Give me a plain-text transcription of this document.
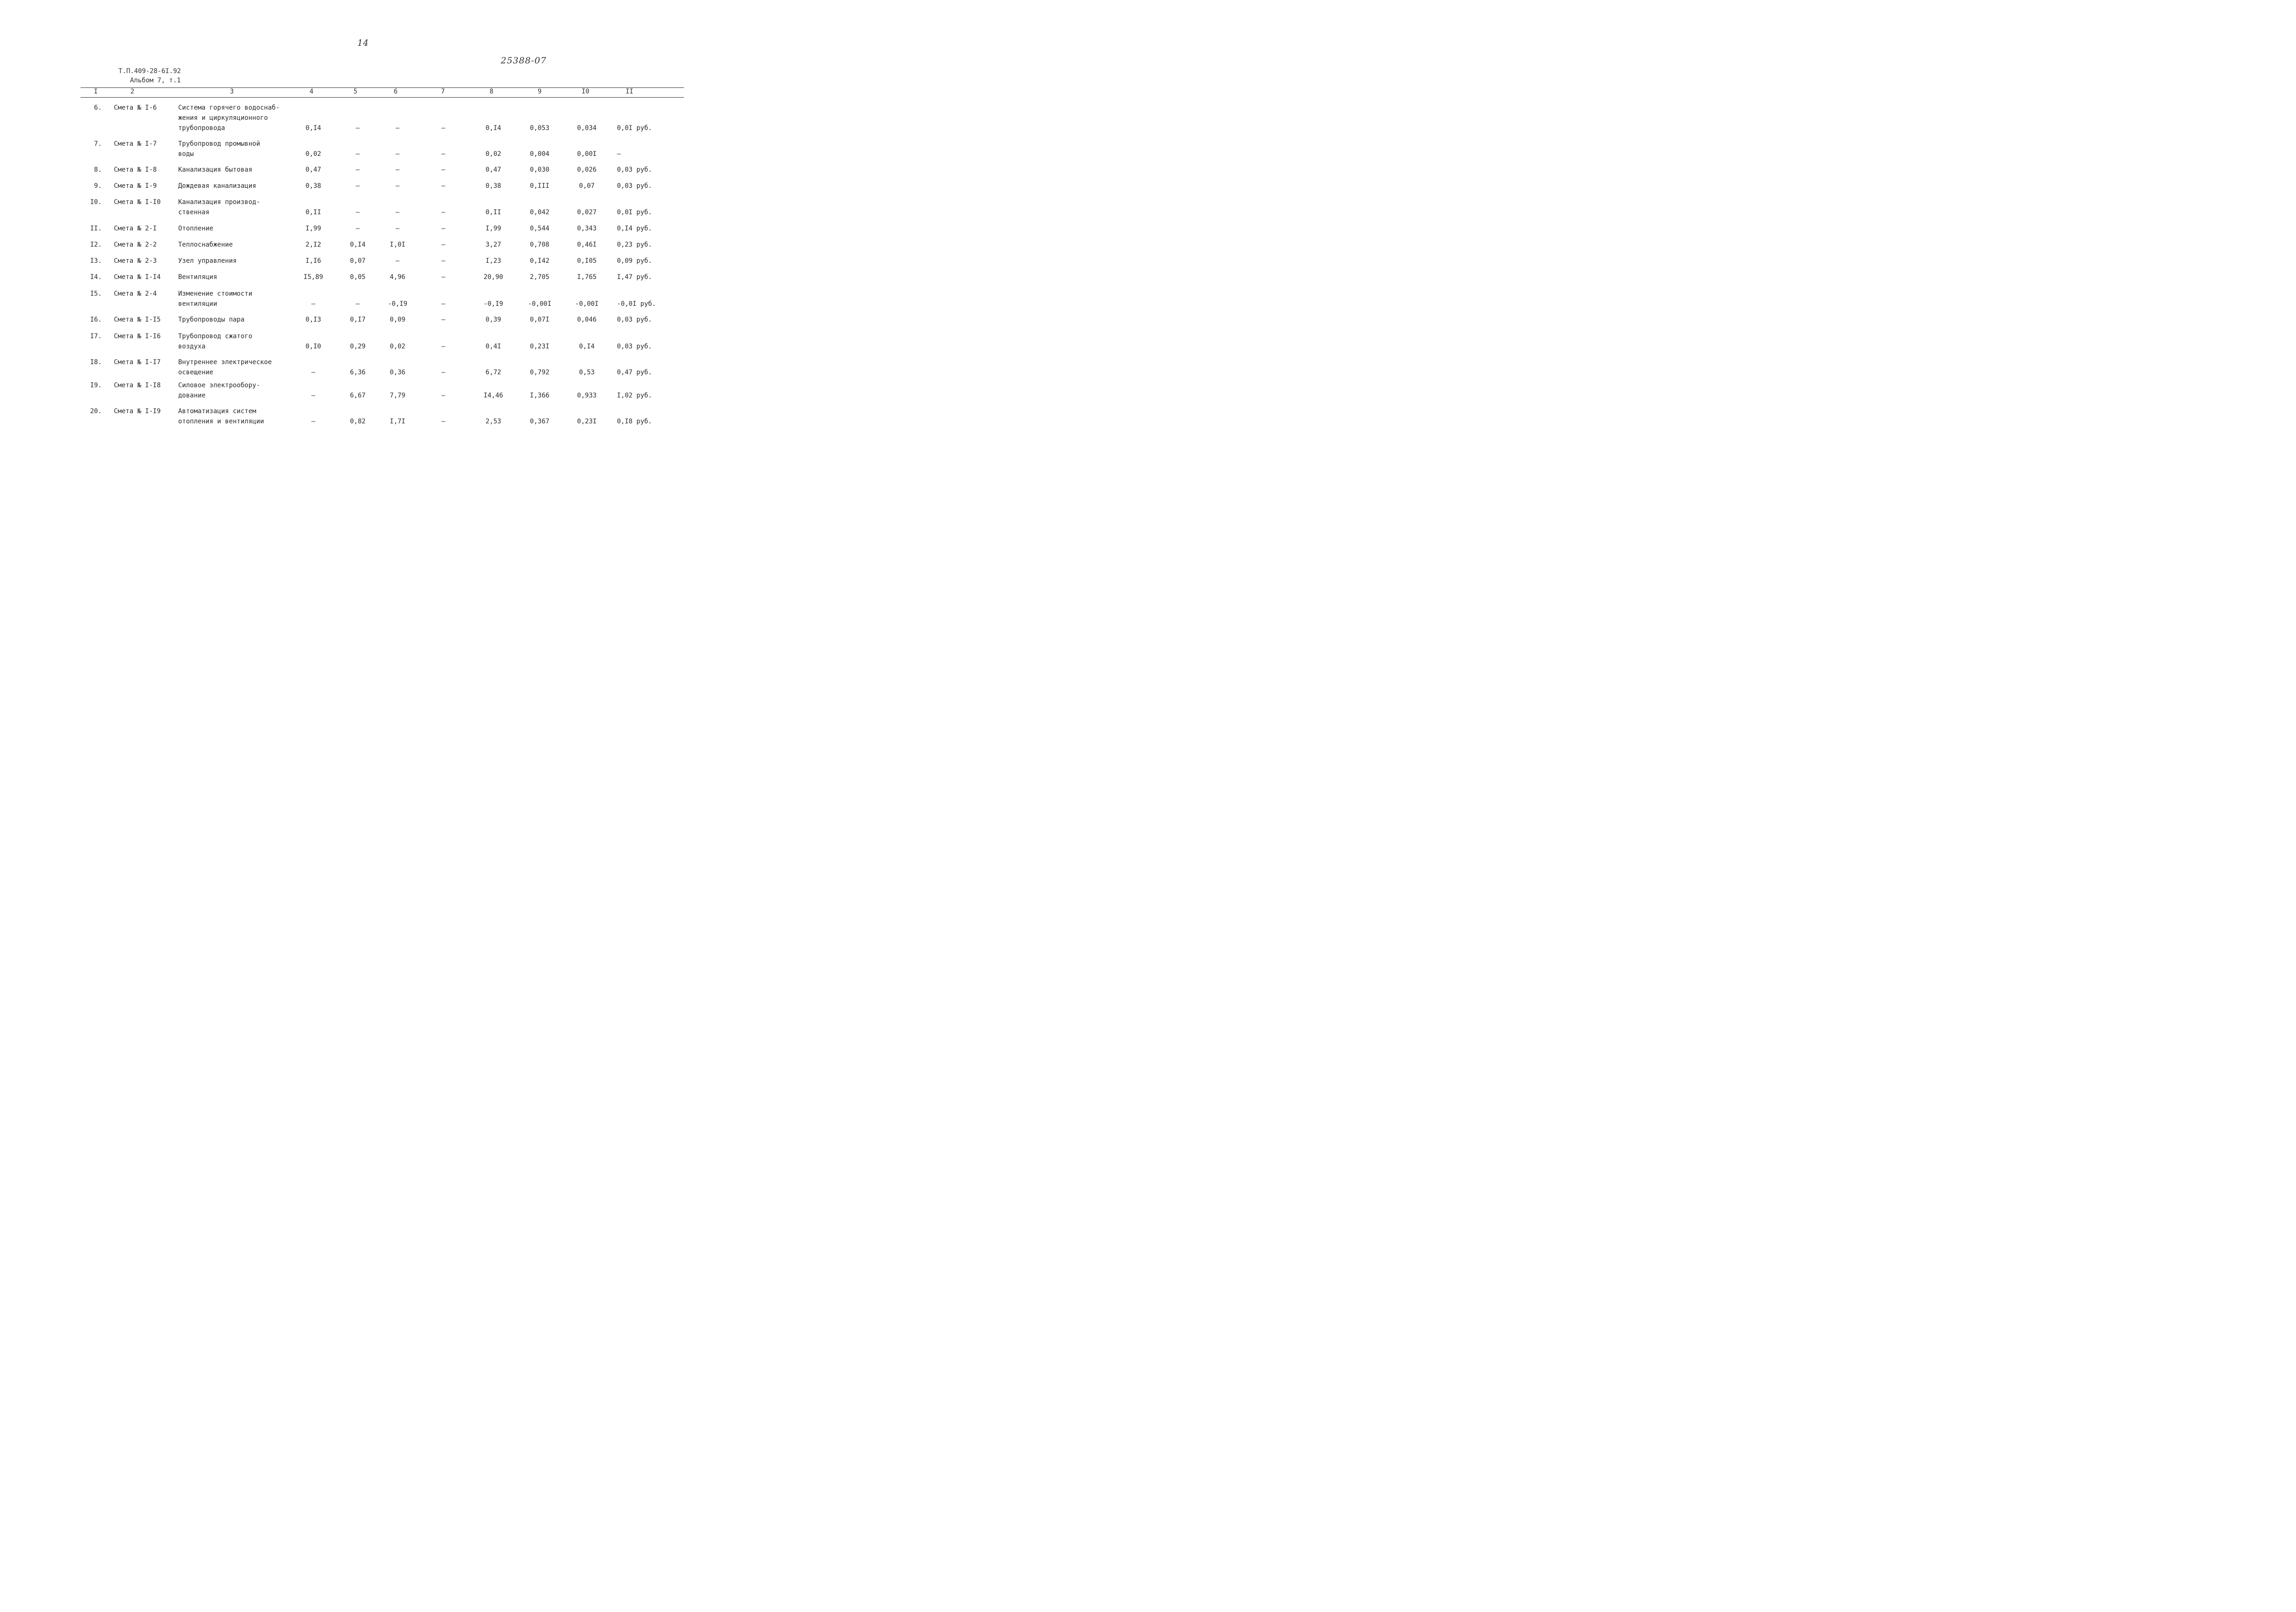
14
25388-07
Т.П.409-28-6I.92
Альбом 7, т.1
I	2	3	4	5	6	7	8	9	I0	II
6. Смета № I-6	Система горячего водоснаб-
жения и циркуляционного
трубопровода	0,I4	–	–	–	0,I4	0,053	0,034	0,0I руб.
7. Смета № I-7	Трубопровод промывной
воды	0,02	–	–	–	0,02	0,004	0,00I	–
8. Смета № I-8	Канализация бытовая	0,47	–	–	–	0,47	0,030	0,026	0,03 руб.
9. Смета № I-9	Дождевая канализация	0,38	–	–	–	0,38	0,III	0,07	0,03 руб.
I0. Смета № I-I0	Канализация производ-
ственная	0,II	–	–	–	0,II	0,042	0,027	0,0I руб.
II. Смета № 2-I	Отопление	I,99	–	–	–	I,99	0,544	0,343	0,I4 руб.
I2. Смета № 2-2	Теплоснабжение	2,I2	0,I4	I,0I	–	3,27	0,708	0,46I	0,23 руб.
I3. Смета № 2-3	Узел управления	I,I6	0,07	–	–	I,23	0,I42	0,I05	0,09 руб.
I4. Смета № I-I4	Вентиляция	I5,89	0,05	4,96	–	20,90	2,705	I,765	I,47 руб.
I5. Смета № 2-4	Изменение стоимости
вентиляции	–	–	-0,I9	–	-0,I9	-0,00I	-0,00I	-0,0I руб.
I6. Смета № I-I5	Трубопроводы пара	0,I3	0,I7	0,09	–	0,39	0,07I	0,046	0,03 руб.
I7. Смета № I-I6	Трубопровод сжатого
воздуха	0,I0	0,29	0,02	–	0,4I	0,23I	0,I4	0,03 руб.
I8. Смета № I-I7	Внутреннее электрическое
освещение	–	6,36	0,36	–	6,72	0,792	0,53	0,47 руб.
I9. Смета № I-I8	Силовое электрообору-
дование	–	6,67	7,79	–	I4,46	I,366	0,933	I,02 руб.
20. Смета № I-I9	Автоматизация систем
отопления и вентиляции	–	0,82	I,7I	–	2,53	0,367	0,23I	0,I8 руб.
